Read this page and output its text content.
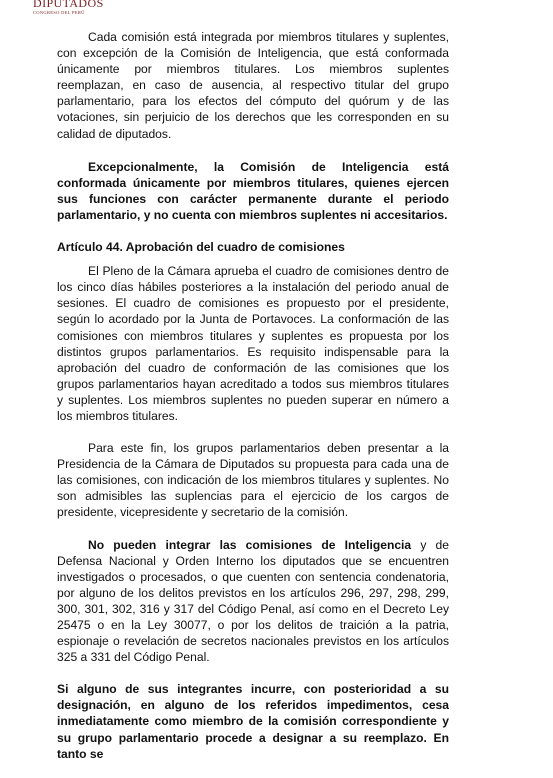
DIPUTADOS
CONGRESO DEL PERÚ

Cada comisión está integrada por miembros titulares y suplentes, con excepción de la Comisión de Inteligencia, que está conformada únicamente por miembros titulares. Los miembros suplentes reemplazan, en caso de ausencia, al respectivo titular del grupo parlamentario, para los efectos del cómputo del quórum y de las votaciones, sin perjuicio de los derechos que les corresponden en su calidad de diputados.

Excepcionalmente, la Comisión de Inteligencia está conformada únicamente por miembros titulares, quienes ejercen sus funciones con carácter permanente durante el periodo parlamentario, y no cuenta con miembros suplentes ni accesitarios.

Artículo 44. Aprobación del cuadro de comisiones

El Pleno de la Cámara aprueba el cuadro de comisiones dentro de los cinco días hábiles posteriores a la instalación del periodo anual de sesiones. El cuadro de comisiones es propuesto por el presidente, según lo acordado por la Junta de Portavoces. La conformación de las comisiones con miembros titulares y suplentes es propuesta por los distintos grupos parlamentarios. Es requisito indispensable para la aprobación del cuadro de conformación de las comisiones que los grupos parlamentarios hayan acreditado a todos sus miembros titulares y suplentes. Los miembros suplentes no pueden superar en número a los miembros titulares.

Para este fin, los grupos parlamentarios deben presentar a la Presidencia de la Cámara de Diputados su propuesta para cada una de las comisiones, con indicación de los miembros titulares y suplentes. No son admisibles las suplencias para el ejercicio de los cargos de presidente, vicepresidente y secretario de la comisión.

No pueden integrar las comisiones de Inteligencia y de Defensa Nacional y Orden Interno los diputados que se encuentren investigados o procesados, o que cuenten con sentencia condenatoria, por alguno de los delitos previstos en los artículos 296, 297, 298, 299, 300, 301, 302, 316 y 317 del Código Penal, así como en el Decreto Ley 25475 o en la Ley 30077, o por los delitos de traición a la patria, espionaje o revelación de secretos nacionales previstos en los artículos 325 a 331 del Código Penal.

Si alguno de sus integrantes incurre, con posterioridad a su designación, en alguno de los referidos impedimentos, cesa inmediatamente como miembro de la comisión correspondiente y su grupo parlamentario procede a designar a su reemplazo. En tanto se
